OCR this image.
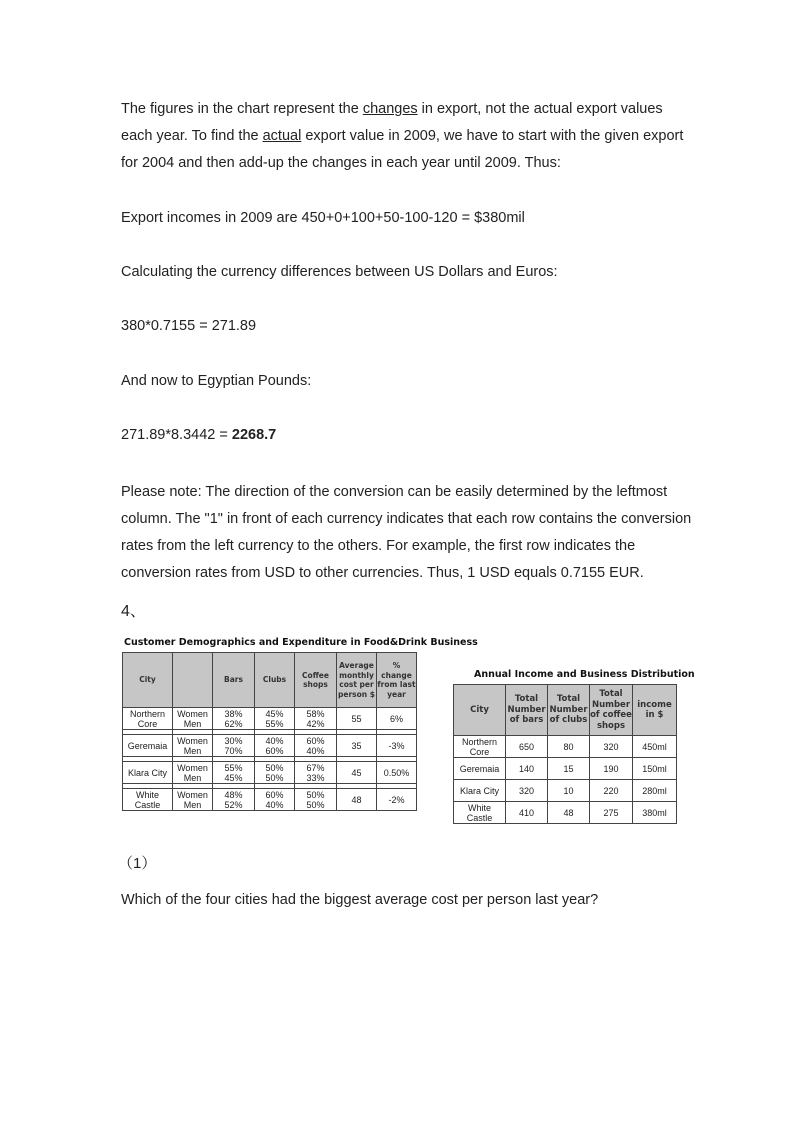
The figures in the chart represent the changes in export, not the actual export values

each year. To find the actual export value in 2009, we have to start with the given export

for 2004 and then add-up the changes in each year until 2009. Thus:

Export incomes in 2009 are 450+0+100+50-100-120 = $380mil

Calculating the currency differences between US Dollars and Euros:

380*0.7155 = 271.89

And now to Egyptian Pounds:

271.89*8.3442 = 2268.7

Please note: The direction of the conversion can be easily determined by the leftmost

column. The "1" in front of each currency indicates that each row contains the conversion

rates from the left currency to the others. For example, the first row indicates the

conversion rates from USD to other currencies. Thus, 1 USD equals 0.7155 EUR.

4、

Customer Demographics and Expenditure in Food&Drink Business

City		Bars	Clubs	Coffee shops	Average monthly cost per person $	% change from last year
Northern Core	Women
Men	38%
62%	45%
55%	58%
42%	55	6%

Geremaia	Women
Men	30%
70%	40%
60%	60%
40%	35	-3%

Klara City	Women
Men	55%
45%	50%
50%	67%
33%	45	0.50%

White Castle	Women
Men	48%
52%	60%
40%	50%
50%	48	-2%

Annual Income and Business Distribution

City	Total Number of bars	Total Number of clubs	Total Number of coffee shops	income in $
Northern Core	650	80	320	450ml
Geremaia	140	15	190	150ml
Klara City	320	10	220	280ml
White Castle	410	48	275	380ml

（1）

Which of the four cities had the biggest average cost per person last year?
